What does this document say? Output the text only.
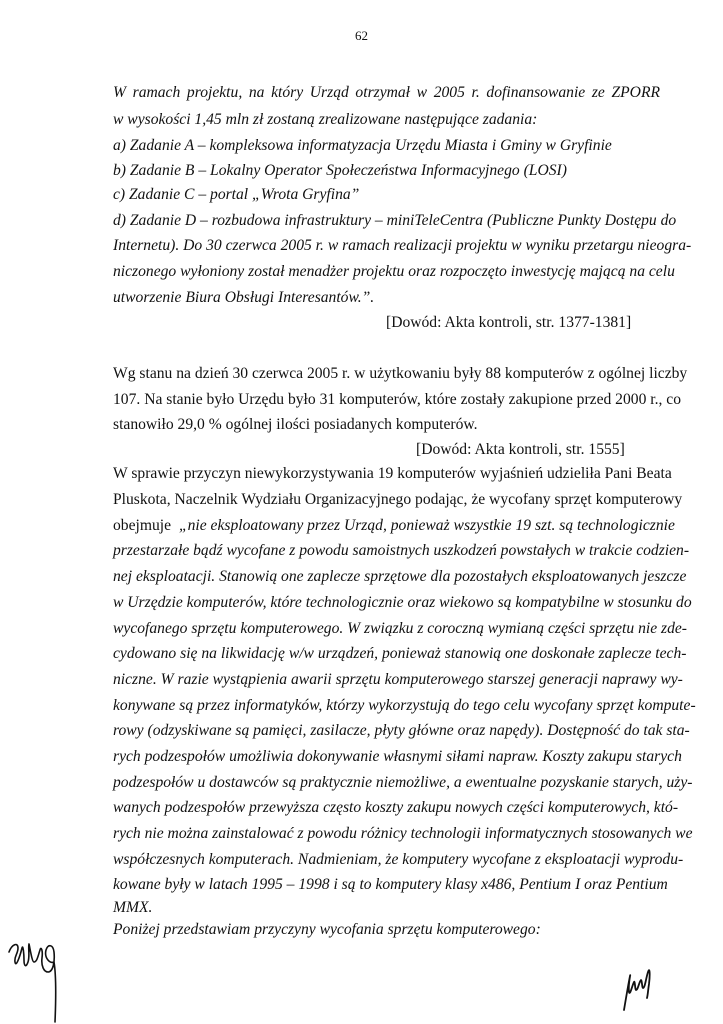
62
W ramach projektu, na który Urząd otrzymał w 2005 r. dofinansowanie ze ZPORR
w wysokości 1,45 mln zł zostaną zrealizowane następujące zadania:
a) Zadanie A – kompleksowa informatyzacja Urzędu Miasta i Gminy w Gryfinie
b) Zadanie B – Lokalny Operator Społeczeństwa Informacyjnego (LOSI)
c) Zadanie C – portal „Wrota Gryfina”
d) Zadanie D – rozbudowa infrastruktury – miniTeleCentra (Publiczne Punkty Dostępu do
Internetu). Do 30 czerwca 2005 r. w ramach realizacji projektu w wyniku przetargu nieogra-
niczonego wyłoniony został menadżer projektu oraz rozpoczęto inwestycję mającą na celu
utworzenie Biura Obsługi Interesantów.”.
[Dowód: Akta kontroli, str. 1377-1381]
Wg stanu na dzień 30 czerwca 2005 r. w użytkowaniu były 88 komputerów z ogólnej liczby
107. Na stanie było Urzędu było 31 komputerów, które zostały zakupione przed 2000 r., co
stanowiło 29,0 % ogólnej ilości posiadanych komputerów.
[Dowód: Akta kontroli, str. 1555]
W sprawie przyczyn niewykorzystywania 19 komputerów wyjaśnień udzieliła Pani Beata
Pluskota, Naczelnik Wydziału Organizacyjnego podając, że wycofany sprzęt komputerowy
obejmuje „nie eksploatowany przez Urząd, ponieważ wszystkie 19 szt. są technologicznie
przestarzałe bądź wycofane z powodu samoistnych uszkodzeń powstałych w trakcie codzien-
nej eksploatacji. Stanowią one zaplecze sprzętowe dla pozostałych eksploatowanych jeszcze
w Urzędzie komputerów, które technologicznie oraz wiekowo są kompatybilne w stosunku do
wycofanego sprzętu komputerowego. W związku z coroczną wymianą części sprzętu nie zde-
cydowano się na likwidację w/w urządzeń, ponieważ stanowią one doskonałe zaplecze tech-
niczne. W razie wystąpienia awarii sprzętu komputerowego starszej generacji naprawy wy-
konywane są przez informatyków, którzy wykorzystują do tego celu wycofany sprzęt kompute-
rowy (odzyskiwane są pamięci, zasilacze, płyty główne oraz napędy). Dostępność do tak sta-
rych podzespołów umożliwia dokonywanie własnymi siłami napraw. Koszty zakupu starych
podzespołów u dostawców są praktycznie niemożliwe, a ewentualne pozyskanie starych, uży-
wanych podzespołów przewyższa często koszty zakupu nowych części komputerowych, któ-
rych nie można zainstalować z powodu różnicy technologii informatycznych stosowanych we
współczesnych komputerach. Nadmieniam, że komputery wycofane z eksploatacji wyprodu-
kowane były w latach 1995 – 1998 i są to komputery klasy x486, Pentium I oraz Pentium
MMX.
Poniżej przedstawiam przyczyny wycofania sprzętu komputerowego:
